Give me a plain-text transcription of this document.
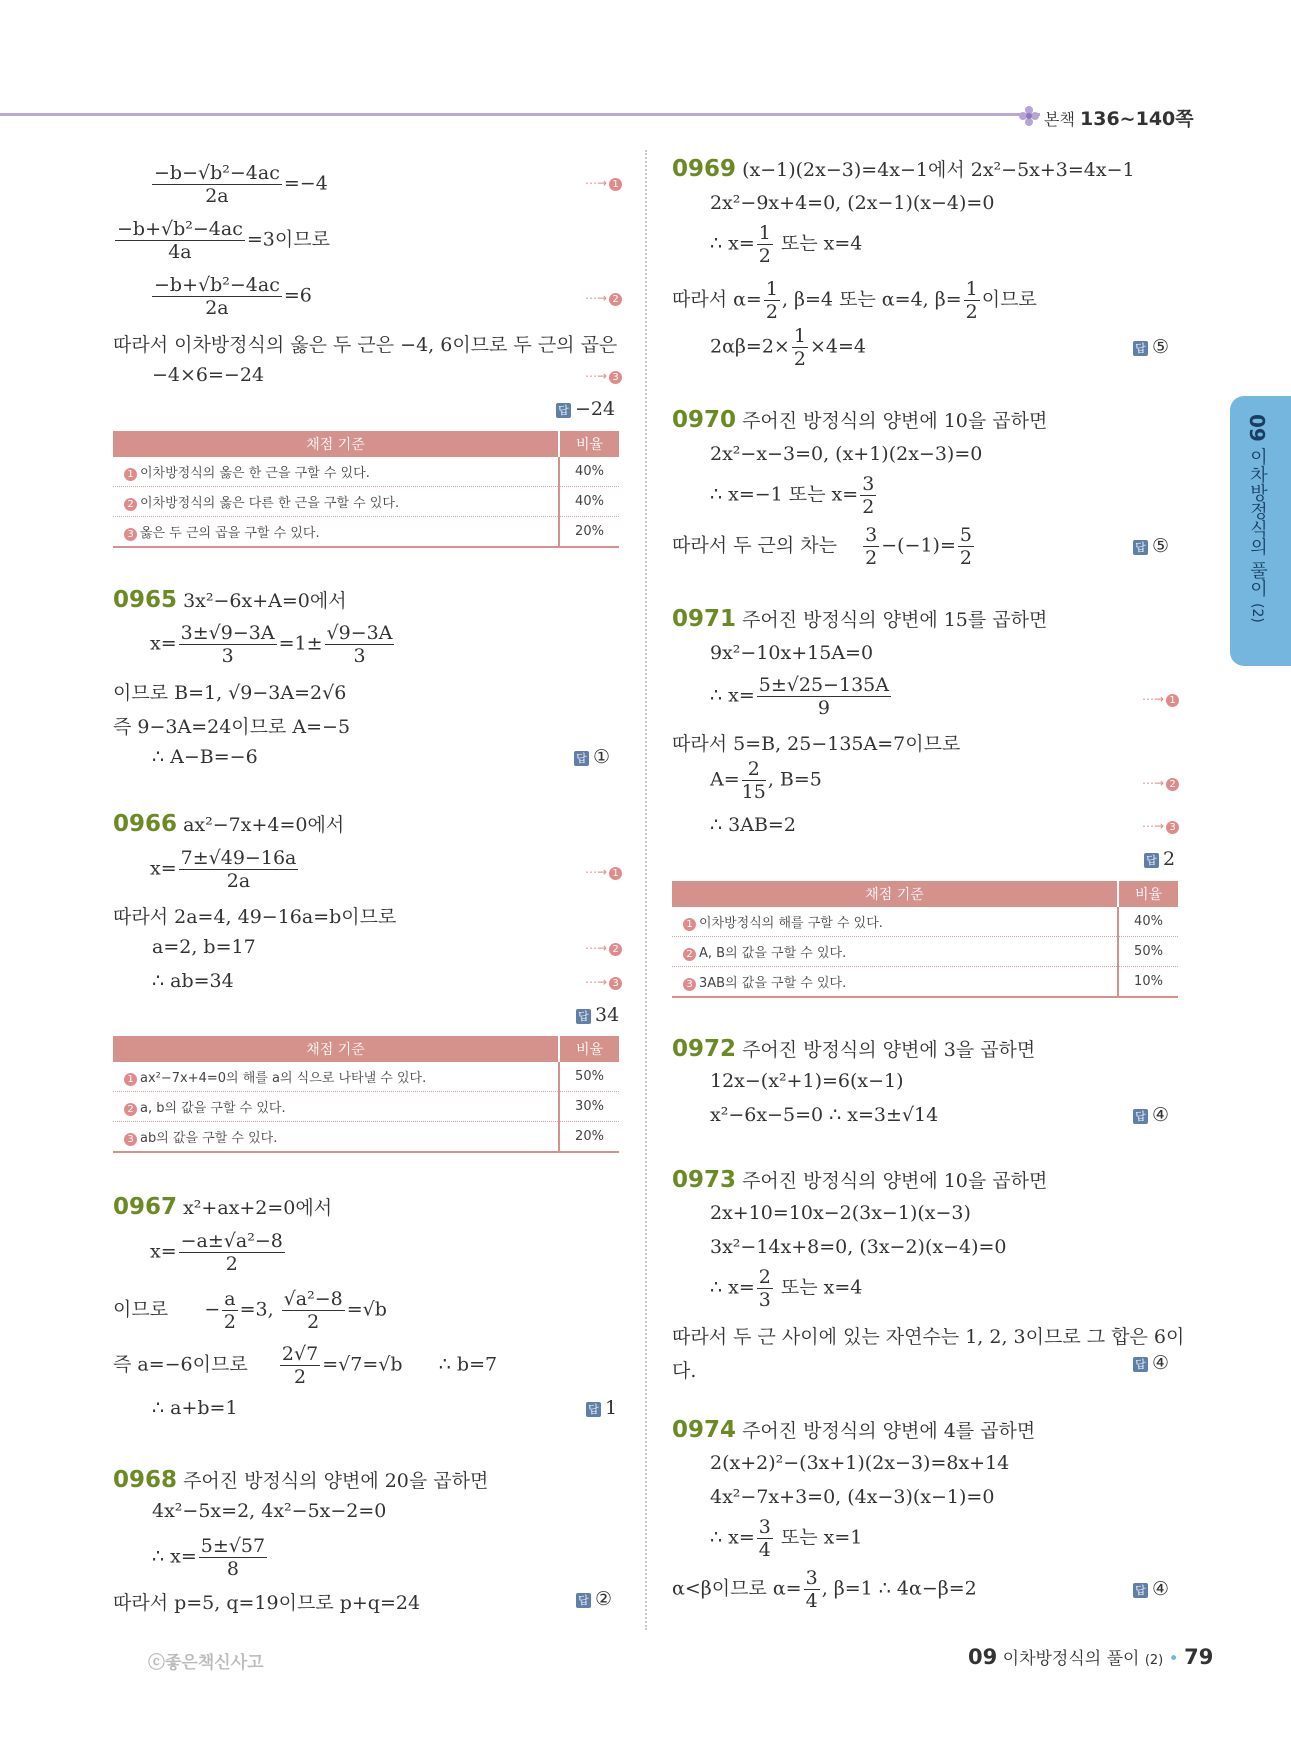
본책 136~140쪽
09 이차방정식의 풀이 (2)
$\frac{\text{−b−√b²−4ac}}{2a} =-4$	⋯→ 1
$\frac{\text{−b+√b²−4ac}}{4a} =3$이므로
$\frac{\text{−b+√b²−4ac}}{2a} =6$	⋯→ 2
따라서 이차방정식의 옳은 두 근은 −4, 6이므로 두 근의 곱은
−4×6=−24	⋯→ 3
답 −24
채점 기준	비율
1 이차방정식의 옳은 한 근을 구할 수 있다.	40%
2 이차방정식의 옳은 다른 한 근을 구할 수 있다.	40%
3 옳은 두 근의 곱을 구할 수 있다.	20%
0965 3x²−6x+A=0에서
$x= \frac{3\pm√9-3A}{3} =1\pm \frac{√9-3A}{3}$
이므로 B=1, √9−3A=2√6
즉 9−3A=24이므로 A=−5
∴ A−B=−6	답 ①
0966 ax²−7x+4=0에서
$x= \frac{7\pm√49-16a}{2a}$	⋯→ 1
따라서 2a=4, 49−16a=b이므로
a=2, b=17	⋯→ 2
∴ ab=34	⋯→ 3
답 34
채점 기준	비율
1 ax²−7x+4=0의 해를 a의 식으로 나타낼 수 있다.	50%
2 a, b의 값을 구할 수 있다.	30%
3 ab의 값을 구할 수 있다.	20%
0967 x²+ax+2=0에서
$x= \frac{\text{−a±√a²−8}}{2}$
이므로 − $\frac{a}{2} =3$, $\frac{\text{√a²−8}}{2} =√b$
즉 a=−6이므로 $\frac{2√7}{2} =√7=√b$ ∴ b=7
∴ a+b=1	답 1
0968 주어진 방정식의 양변에 20을 곱하면
4x²−5x=2, 4x²−5x−2=0
∴ $x= \frac{5\pm√57}{8}$
따라서 p=5, q=19이므로 p+q=24	답 ②
0969 (x−1)(2x−3)=4x−1에서 2x²−5x+3=4x−1
2x²−9x+4=0, (2x−1)(x−4)=0
∴ $x= \frac{1}{2}$ 또는 x=4
따라서 $\alpha= \frac{1}{2}$ , β=4 또는 α=4, $\beta= \frac{1}{2}$ 이므로
$2\alpha\beta=2\times \frac{1}{2} \times 4=4$	답 ⑤
0970 주어진 방정식의 양변에 10을 곱하면
2x²−x−3=0, (x+1)(2x−3)=0
∴ x=−1 또는 $x= \frac{3}{2}$
따라서 두 근의 차는 $\frac{3}{2} -(-1)= \frac{5}{2}$	답 ⑤
0971 주어진 방정식의 양변에 15를 곱하면
9x²−10x+15A=0
∴ $x= \frac{5\pm√25-135A}{9}$	⋯→ 1
따라서 5=B, 25−135A=7이므로
$A= \frac{2}{15}$ , B=5	⋯→ 2
∴ 3AB=2	⋯→ 3
답 2
채점 기준	비율
1 이차방정식의 해를 구할 수 있다.	40%
2 A, B의 값을 구할 수 있다.	50%
3 3AB의 값을 구할 수 있다.	10%
0972 주어진 방정식의 양변에 3을 곱하면
12x−(x²+1)=6(x−1)
x²−6x−5=0 ∴ x=3±√14	답 ④
0973 주어진 방정식의 양변에 10을 곱하면
2x+10=10x−2(3x−1)(x−3)
3x²−14x+8=0, (3x−2)(x−4)=0
∴ $x= \frac{2}{3}$ 또는 x=4
따라서 두 근 사이에 있는 자연수는 1, 2, 3이므로 그 합은 6이
다.	답 ④
0974 주어진 방정식의 양변에 4를 곱하면
2(x+2)²−(3x+1)(2x−3)=8x+14
4x²−7x+3=0, (4x−3)(x−1)=0
∴ $x= \frac{3}{4}$ 또는 x=1
α<β이므로 $\alpha= \frac{3}{4}$ , β=1 ∴ 4α−β=2	답 ④
ⓒ좋은책신사고	09 이차방정식의 풀이 (2) • 79
